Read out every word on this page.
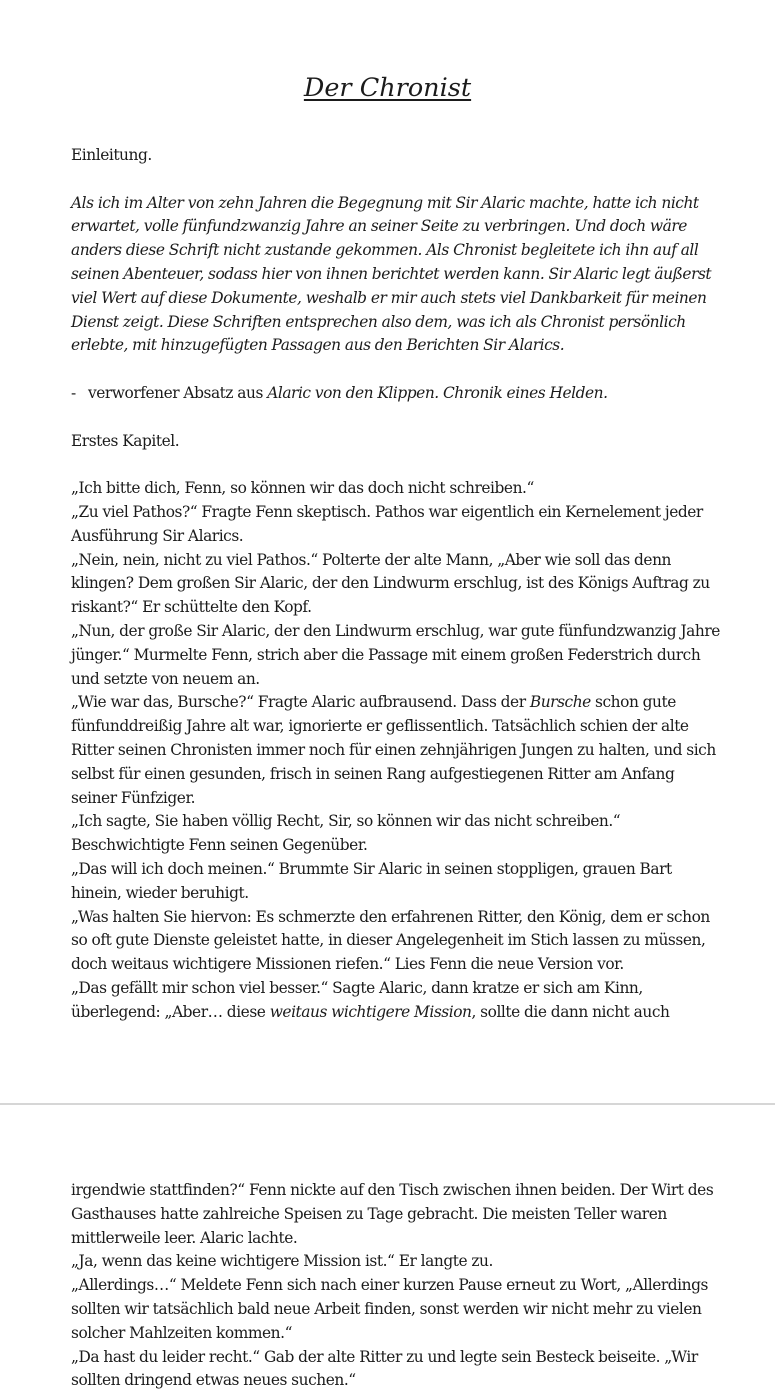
Der Chronist

Einleitung.

Als ich im Alter von zehn Jahren die Begegnung mit Sir Alaric machte, hatte ich nicht erwartet, volle fünfundzwanzig Jahre an seiner Seite zu verbringen. Und doch wäre anders diese Schrift nicht zustande gekommen. Als Chronist begleitete ich ihn auf all seinen Abenteuer, sodass hier von ihnen berichtet werden kann. Sir Alaric legt äußerst viel Wert auf diese Dokumente, weshalb er mir auch stets viel Dankbarkeit für meinen Dienst zeigt. Diese Schriften entsprechen also dem, was ich als Chronist persönlich erlebte, mit hinzugefügten Passagen aus den Berichten Sir Alarics.

- verworfener Absatz aus Alaric von den Klippen. Chronik eines Helden.

Erstes Kapitel.

„Ich bitte dich, Fenn, so können wir das doch nicht schreiben.“

„Zu viel Pathos?“ Fragte Fenn skeptisch. Pathos war eigentlich ein Kernelement jeder Ausführung Sir Alarics.

„Nein, nein, nicht zu viel Pathos.“ Polterte der alte Mann, „Aber wie soll das denn klingen? Dem großen Sir Alaric, der den Lindwurm erschlug, ist des Königs Auftrag zu riskant?“ Er schüttelte den Kopf.

„Nun, der große Sir Alaric, der den Lindwurm erschlug, war gute fünfundzwanzig Jahre jünger.“ Murmelte Fenn, strich aber die Passage mit einem großen Federstrich durch und setzte von neuem an.

„Wie war das, Bursche?“ Fragte Alaric aufbrausend. Dass der Bursche schon gute fünfunddreißig Jahre alt war, ignorierte er geflissentlich. Tatsächlich schien der alte Ritter seinen Chronisten immer noch für einen zehnjährigen Jungen zu halten, und sich selbst für einen gesunden, frisch in seinen Rang aufgestiegenen Ritter am Anfang seiner Fünfziger.

„Ich sagte, Sie haben völlig Recht, Sir, so können wir das nicht schreiben.“ Beschwichtigte Fenn seinen Gegenüber.

„Das will ich doch meinen.“ Brummte Sir Alaric in seinen stoppligen, grauen Bart hinein, wieder beruhigt.

„Was halten Sie hiervon: Es schmerzte den erfahrenen Ritter, den König, dem er schon so oft gute Dienste geleistet hatte, in dieser Angelegenheit im Stich lassen zu müssen, doch weitaus wichtigere Missionen riefen.“ Lies Fenn die neue Version vor.

„Das gefällt mir schon viel besser.“ Sagte Alaric, dann kratze er sich am Kinn, überlegend: „Aber… diese weitaus wichtigere Mission, sollte die dann nicht auch

irgendwie stattfinden?“ Fenn nickte auf den Tisch zwischen ihnen beiden. Der Wirt des Gasthauses hatte zahlreiche Speisen zu Tage gebracht. Die meisten Teller waren mittlerweile leer. Alaric lachte.

„Ja, wenn das keine wichtigere Mission ist.“ Er langte zu.

„Allerdings…“ Meldete Fenn sich nach einer kurzen Pause erneut zu Wort, „Allerdings sollten wir tatsächlich bald neue Arbeit finden, sonst werden wir nicht mehr zu vielen solcher Mahlzeiten kommen.“

„Da hast du leider recht.“ Gab der alte Ritter zu und legte sein Besteck beiseite. „Wir sollten dringend etwas neues suchen.“
